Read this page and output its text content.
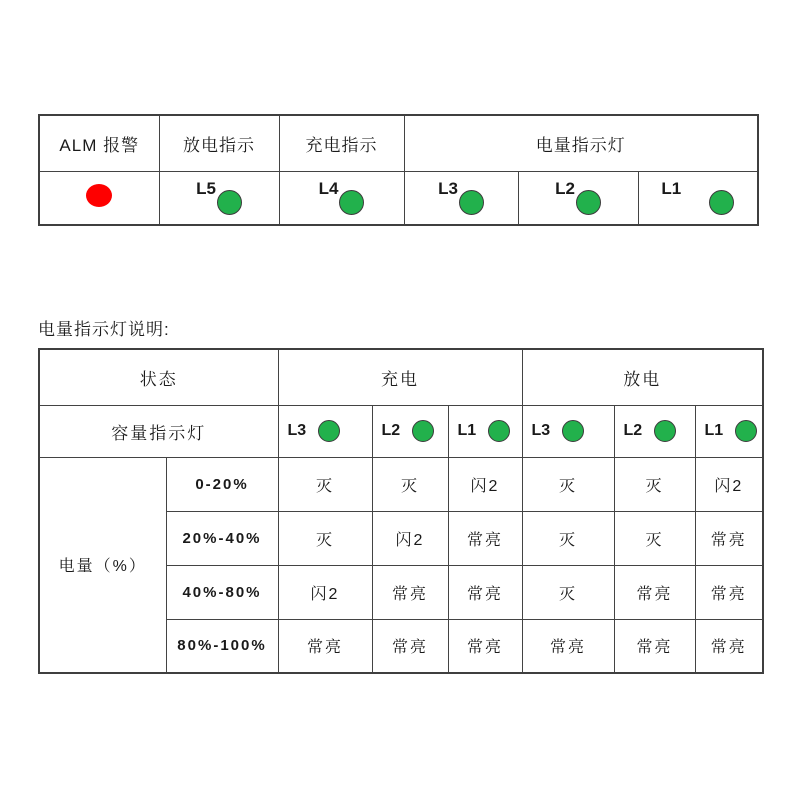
ALM 报警	放电指示	充电指示	电量指示灯		

	L5	L4	L3	L2	L1
电量指示灯说明:
状态		充电			放电		
容量指示灯		L3	L2	L1	L3	L2	L1

电量（%）	0-20%	灭	灭	闪2	灭	灭	闪2
	20%-40%	灭	闪2	常亮	灭	灭	常亮
	40%-80%	闪2	常亮	常亮	灭	常亮	常亮
	80%-100%	常亮	常亮	常亮	常亮	常亮	常亮
